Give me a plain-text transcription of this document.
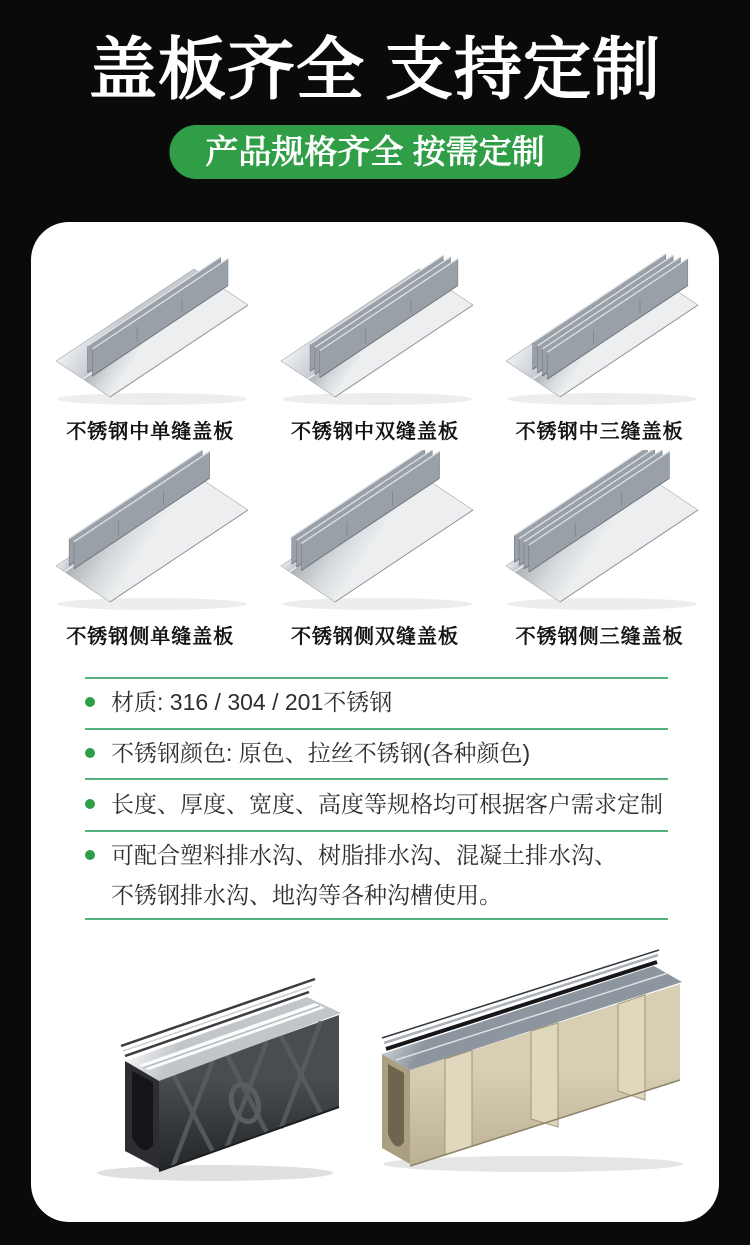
盖板齐全 支持定制
产品规格齐全 按需定制
不锈钢中单缝盖板	不锈钢中双缝盖板	不锈钢中三缝盖板
不锈钢侧单缝盖板	不锈钢侧双缝盖板	不锈钢侧三缝盖板

材质: 316 / 304 / 201不锈钢

不锈钢颜色: 原色、拉丝不锈钢(各种颜色)

长度、厚度、宽度、高度等规格均可根据客户需求定制

可配合塑料排水沟、树脂排水沟、混凝土排水沟、
不锈钢排水沟、地沟等各种沟槽使用。
